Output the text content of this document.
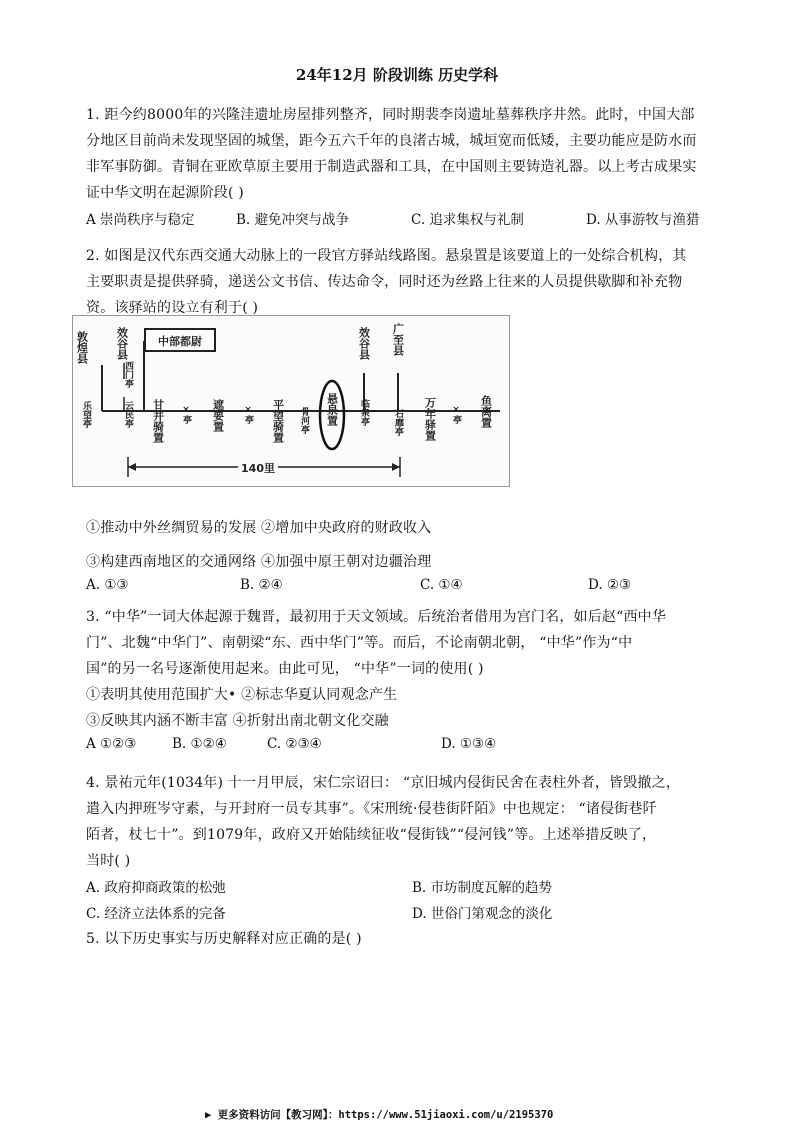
24年12月 阶段训练 历史学科
1. 距今约8000年的兴隆洼遗址房屋排列整齐，同时期裴李岗遗址墓葬秩序井然。此时，中国大部
分地区目前尚未发现坚固的城堡，距今五六千年的良渚古城，城垣宽而低矮，主要功能应是防水而
非军事防御。青铜在亚欧草原主要用于制造武器和工具，在中国则主要铸造礼器。以上考古成果实
证中华文明在起源阶段( )
A 崇尚秩序与稳定	B. 避免冲突与战争	C. 追求集权与礼制	D. 从事游牧与渔猎
2. 如图是汉代东西交通大动脉上的一段官方驿站线路图。悬泉置是该要道上的一处综合机构，其
主要职责是提供驿骑，递送公文书信、传达命令，同时还为丝路上往来的人员提供歇脚和补充物
资。该驿站的设立有利于( )
敦煌县 效谷县	中部都尉	效谷县 广至县
乐望亭
西门亭
云民亭 甘井骑置 ×亭 遮要置 ×亭 平望骑置 骨河亭 悬泉置 临泉亭	石靡亭 万年驿置 ×亭 鱼离置
140里
①推动中外丝绸贸易的发展 ②增加中央政府的财政收入
③构建西南地区的交通网络 ④加强中原王朝对边疆治理
A. ①③	B. ②④	C. ①④	D. ②③
3. “中华”一词大体起源于魏晋，最初用于天文领域。后统治者借用为宫门名，如后赵“西中华
门”、北魏“中华门”、南朝梁“东、西中华门”等。而后，不论南朝北朝， “中华”作为“中
国”的另一名号逐渐使用起来。由此可见， “中华”一词的使用( )
①表明其使用范围扩大• ②标志华夏认同观念产生
③反映其内涵不断丰富 ④折射出南北朝文化交融
A ①②③	B. ①②④	C. ②③④	D. ①③④
4. 景祐元年(1034年) 十一月甲辰，宋仁宗诏曰： “京旧城内侵街民舍在表柱外者，皆毁撤之，
遣入内押班岑守素，与开封府一员专其事”。《宋刑统·侵巷街阡陌》中也规定： “诸侵街巷阡
陌者，杖七十”。到1079年，政府又开始陆续征收“侵街钱”“侵河钱”等。上述举措反映了，
当时( )
A. 政府抑商政策的松弛	B. 市坊制度瓦解的趋势
C. 经济立法体系的完备	D. 世俗门第观念的淡化
5. 以下历史事实与历史解释对应正确的是( )
▶ 更多资料访问【教习网】：https://www.51jiaoxi.com/u/2195370
